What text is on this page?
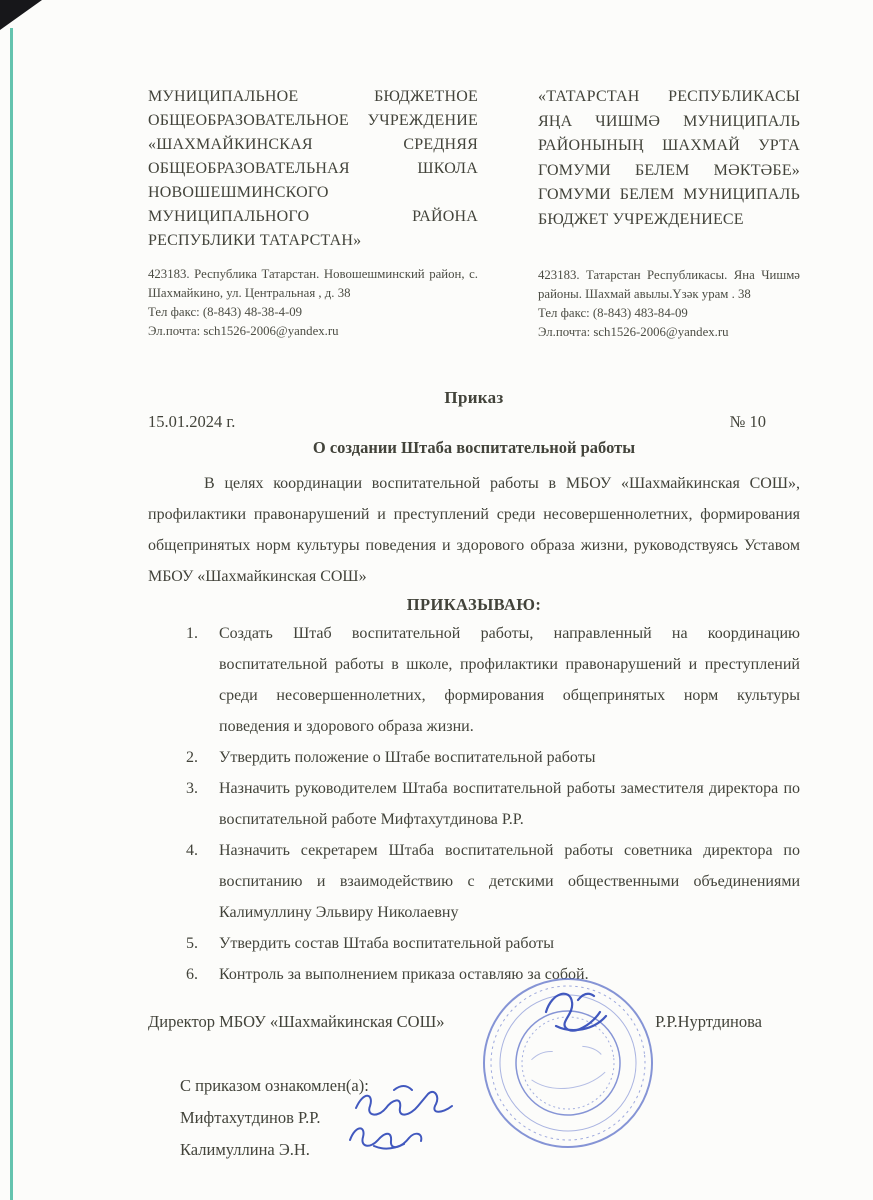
МУНИЦИПАЛЬНОЕ БЮДЖЕТНОЕ ОБЩЕОБРАЗОВАТЕЛЬНОЕ УЧРЕЖДЕНИЕ «ШАХМАЙКИНСКАЯ СРЕДНЯЯ ОБЩЕОБРАЗОВАТЕЛЬНАЯ ШКОЛА НОВОШЕШМИНСКОГО МУНИЦИПАЛЬНОГО РАЙОНА РЕСПУБЛИКИ ТАТАРСТАН»
423183. Республика Татарстан. Новошешминский район, с. Шахмайкино, ул. Центральная , д. 38
Тел факс: (8-843) 48-38-4-09
Эл.почта: sch1526-2006@yandex.ru
«ТАТАРСТАН РЕСПУБЛИКАСЫ ЯҢА ЧИШМӘ МУНИЦИПАЛЬ РАЙОНЫНЫҢ ШАХМАЙ УРТА ГОМУМИ БЕЛЕМ МӘКТӘБЕ» ГОМУМИ БЕЛЕМ МУНИЦИПАЛЬ БЮДЖЕТ УЧРЕЖДЕНИЕСЕ
423183. Татарстан Республикасы. Яна Чишмә районы. Шахмай авылы.Үзәк урам . 38
Тел факс: (8-843) 483-84-09
Эл.почта: sch1526-2006@yandex.ru
Приказ
15.01.2024 г.	№ 10
О создании Штаба воспитательной работы
В целях координации воспитательной работы в МБОУ «Шахмайкинская СОШ», профилактики правонарушений и преступлений среди несовершеннолетних, формирования общепринятых норм культуры поведения и здорового образа жизни, руководствуясь Уставом МБОУ «Шахмайкинская СОШ»
ПРИКАЗЫВАЮ:
1. Создать Штаб воспитательной работы, направленный на координацию воспитательной работы в школе, профилактики правонарушений и преступлений среди несовершеннолетних, формирования общепринятых норм культуры поведения и здорового образа жизни.
2. Утвердить положение о Штабе воспитательной работы
3. Назначить руководителем Штаба воспитательной работы заместителя директора по воспитательной работе Мифтахутдинова Р.Р.
4. Назначить секретарем Штаба воспитательной работы советника директора по воспитанию и взаимодействию с детскими общественными объединениями Калимуллину Эльвиру Николаевну
5. Утвердить состав Штаба воспитательной работы
6. Контроль за выполнением приказа оставляю за собой.
Директор МБОУ «Шахмайкинская СОШ»	Р.Р.Нуртдинова
С приказом ознакомлен(а):
Мифтахутдинов Р.Р.
Калимуллина Э.Н.
